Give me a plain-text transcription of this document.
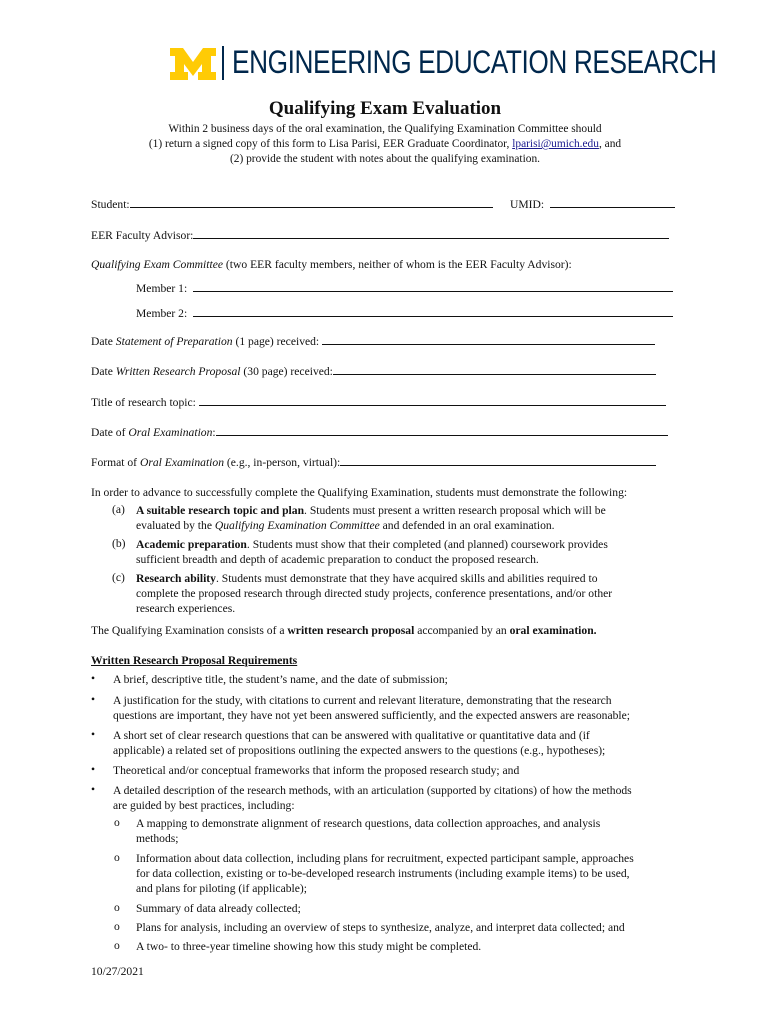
ENGINEERING EDUCATION RESEARCH
Qualifying Exam Evaluation
Within 2 business days of the oral examination, the Qualifying Examination Committee should
(1) return a signed copy of this form to Lisa Parisi, EER Graduate Coordinator, lparisi@umich.edu, and
(2) provide the student with notes about the qualifying examination.
Student:	UMID:
EER Faculty Advisor:
Qualifying Exam Committee (two EER faculty members, neither of whom is the EER Faculty Advisor):
Member 1:
Member 2:
Date Statement of Preparation (1 page) received:
Date Written Research Proposal (30 page) received:
Title of research topic:
Date of Oral Examination:
Format of Oral Examination (e.g., in-person, virtual):
In order to advance to successfully complete the Qualifying Examination, students must demonstrate the following:
(a) A suitable research topic and plan. Students must present a written research proposal which will be
evaluated by the Qualifying Examination Committee and defended in an oral examination.
(b) Academic preparation. Students must show that their completed (and planned) coursework provides
sufficient breadth and depth of academic preparation to conduct the proposed research.
(c) Research ability. Students must demonstrate that they have acquired skills and abilities required to
complete the proposed research through directed study projects, conference presentations, and/or other
research experiences.
The Qualifying Examination consists of a written research proposal accompanied by an oral examination.
Written Research Proposal Requirements
• A brief, descriptive title, the student’s name, and the date of submission;
• A justification for the study, with citations to current and relevant literature, demonstrating that the research
questions are important, they have not yet been answered sufficiently, and the expected answers are reasonable;
• A short set of clear research questions that can be answered with qualitative or quantitative data and (if
applicable) a related set of propositions outlining the expected answers to the questions (e.g., hypotheses);
• Theoretical and/or conceptual frameworks that inform the proposed research study; and
• A detailed description of the research methods, with an articulation (supported by citations) of how the methods
are guided by best practices, including:
o A mapping to demonstrate alignment of research questions, data collection approaches, and analysis
methods;
o Information about data collection, including plans for recruitment, expected participant sample, approaches
for data collection, existing or to-be-developed research instruments (including example items) to be used,
and plans for piloting (if applicable);
o Summary of data already collected;
o Plans for analysis, including an overview of steps to synthesize, analyze, and interpret data collected; and
o A two- to three-year timeline showing how this study might be completed.
10/27/2021
